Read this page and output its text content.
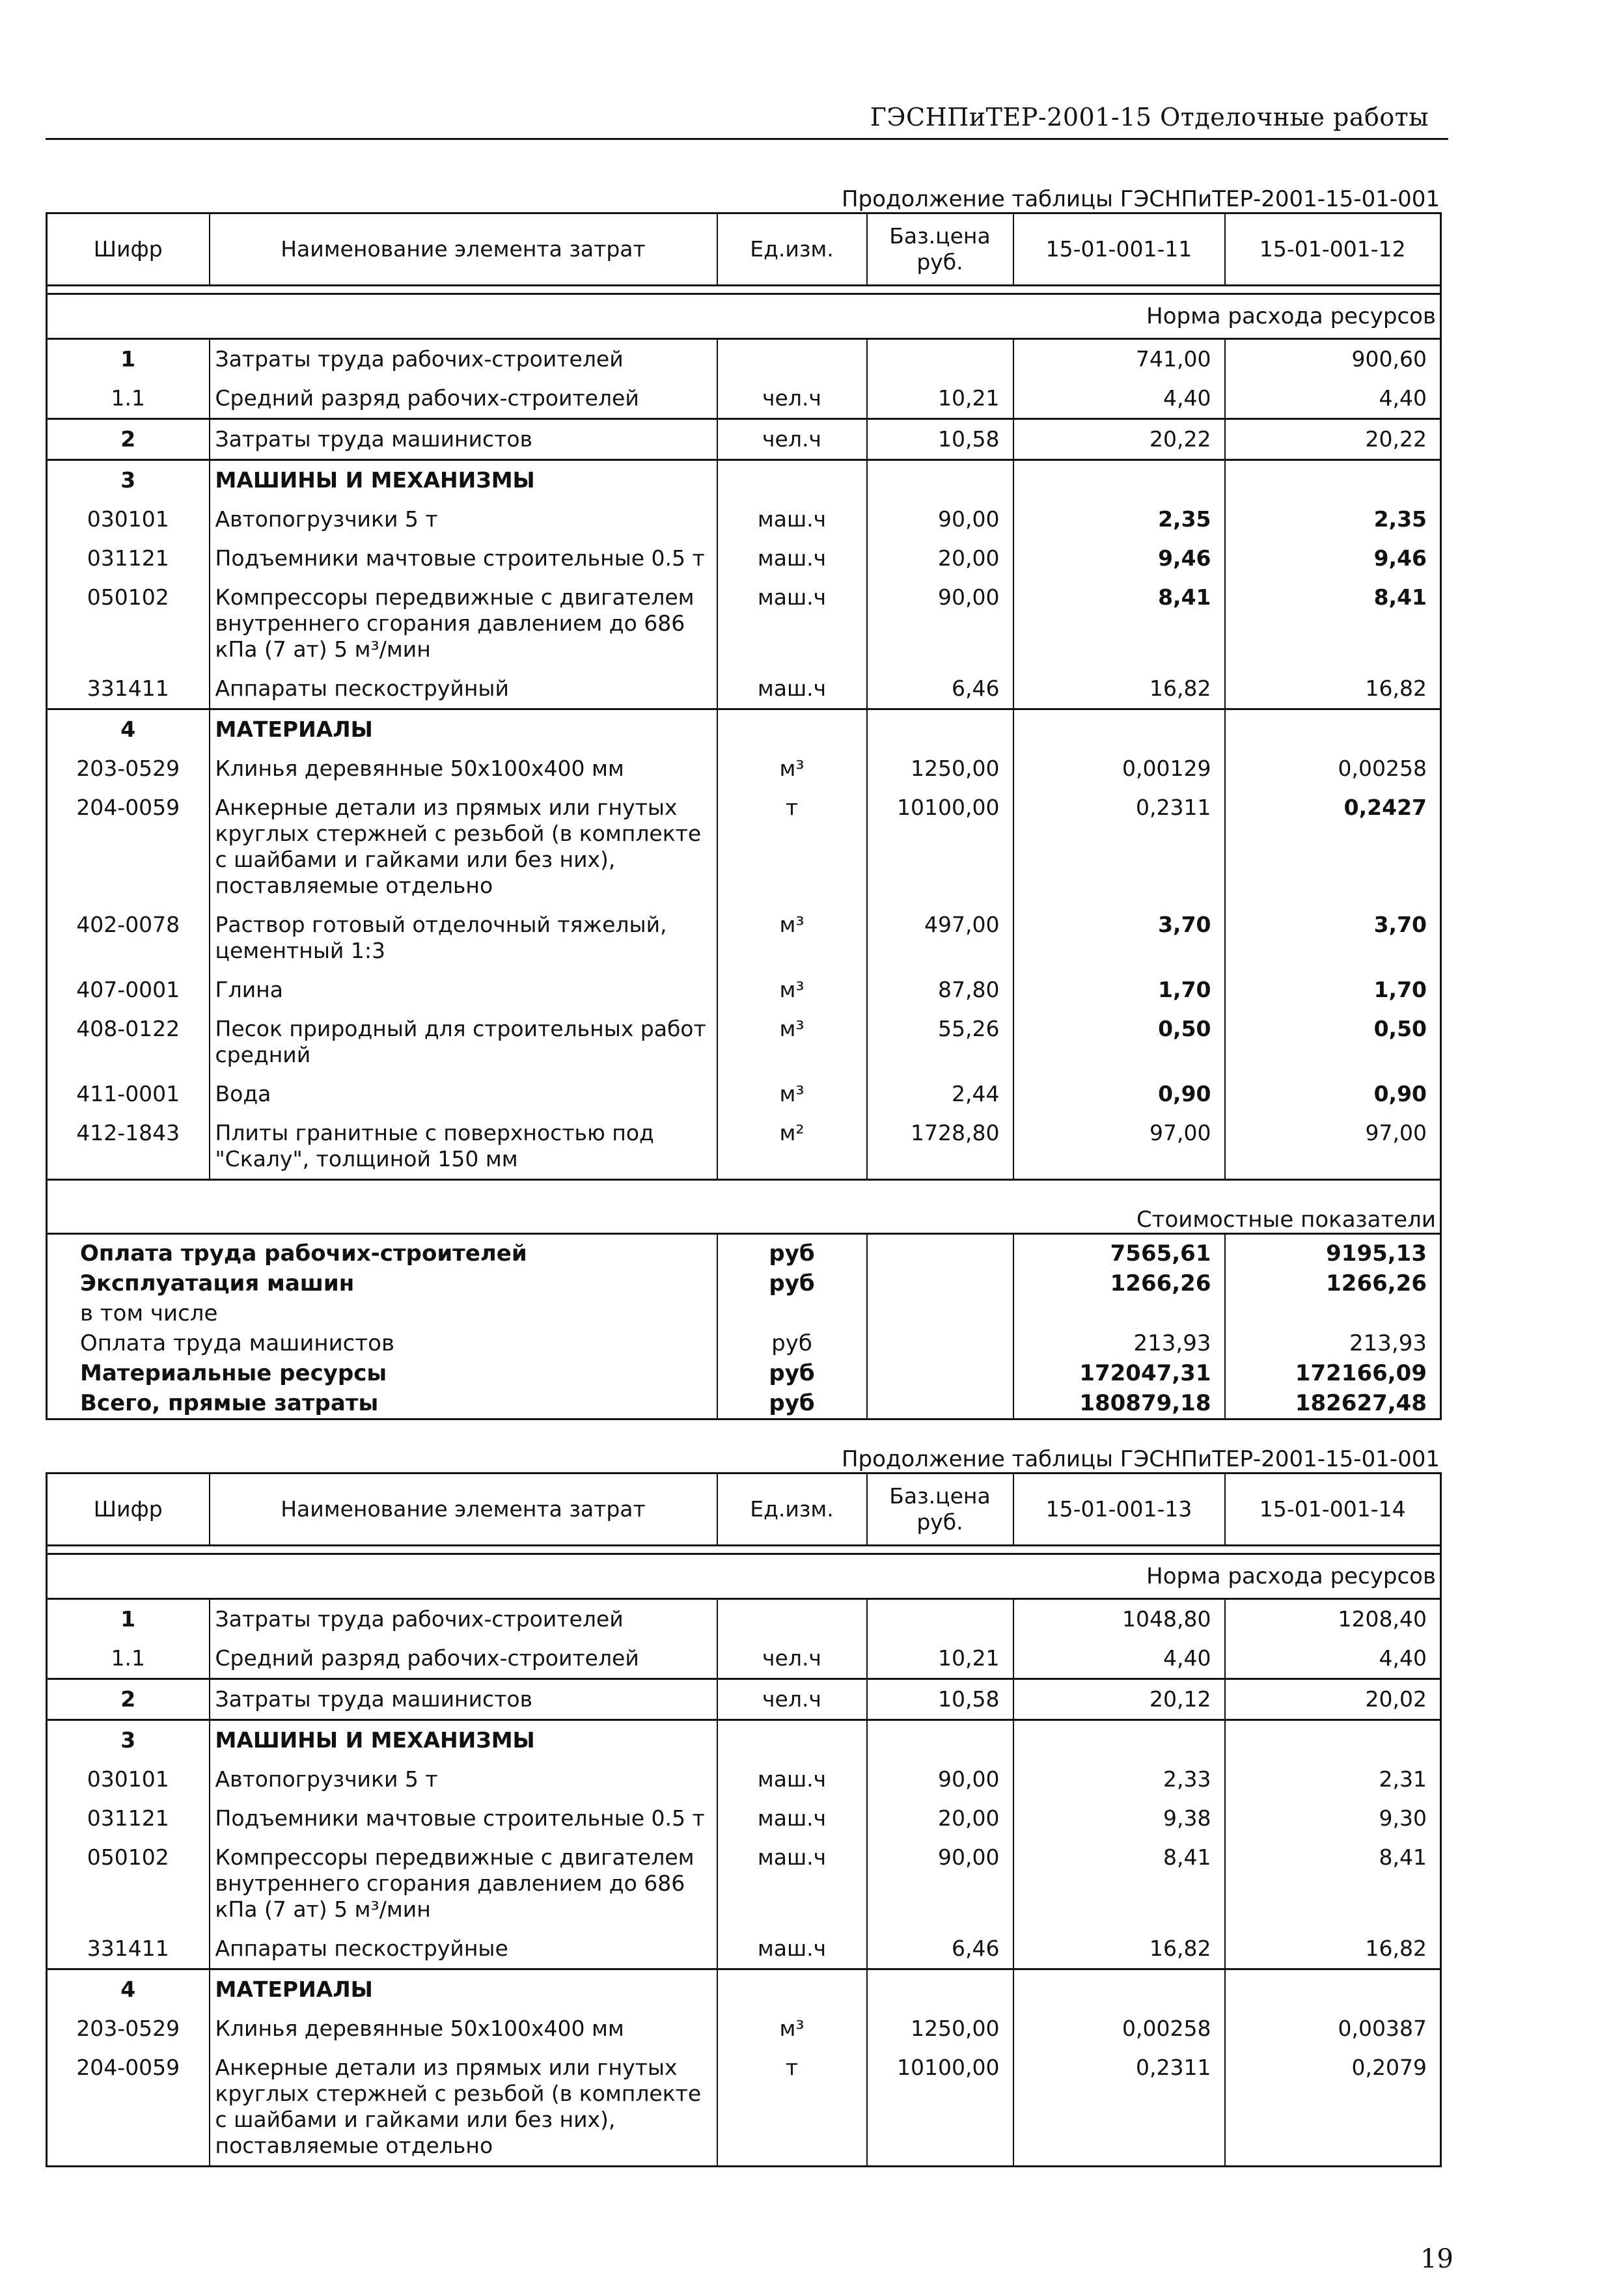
ГЭСНПиТЕР-2001-15 Отделочные работы
Продолжение таблицы ГЭСНПиТЕР-2001-15-01-001
Шифр	Наименование элемента затрат	Ед.изм.	Баз.цена руб.	15-01-001-11	15-01-001-12

Норма расхода ресурсов					
1	Затраты труда рабочих-строителей			741,00	900,60
1.1	Средний разряд рабочих-строителей	чел.ч	10,21	4,40	4,40
2	Затраты труда машинистов	чел.ч	10,58	20,22	20,22
3	МАШИНЫ И МЕХАНИЗМЫ				
030101	Автопогрузчики 5 т	маш.ч	90,00	2,35	2,35
031121	Подъемники мачтовые строительные 0.5 т	маш.ч	20,00	9,46	9,46
050102	Компрессоры передвижные с двигателем внутреннего сгорания давлением до 686 кПа (7 ат) 5 м³/мин	маш.ч	90,00	8,41	8,41
331411	Аппараты пескоструйный	маш.ч	6,46	16,82	16,82
4	МАТЕРИАЛЫ				
203-0529	Клинья деревянные 50х100х400 мм	м³	1250,00	0,00129	0,00258
204-0059	Анкерные детали из прямых или гнутых круглых стержней с резьбой (в комплекте с шайбами и гайками или без них), поставляемые отдельно	т	10100,00	0,2311	0,2427
402-0078	Раствор готовый отделочный тяжелый, цементный 1:3	м³	497,00	3,70	3,70
407-0001	Глина	м³	87,80	1,70	1,70
408-0122	Песок природный для строительных работ средний	м³	55,26	0,50	0,50
411-0001	Вода	м³	2,44	0,90	0,90
412-1843	Плиты гранитные с поверхностью под "Скалу", толщиной 150 мм	м²	1728,80	97,00	97,00

Стоимостные показатели					
Оплата труда рабочих-строителей		руб		7565,61	9195,13
Эксплуатация машин		руб		1266,26	1266,26
в том числе					
Оплата труда машинистов		руб		213,93	213,93
Материальные ресурсы		руб		172047,31	172166,09
Всего, прямые затраты		руб		180879,18	182627,48
Продолжение таблицы ГЭСНПиТЕР-2001-15-01-001
Шифр	Наименование элемента затрат	Ед.изм.	Баз.цена руб.	15-01-001-13	15-01-001-14

Норма расхода ресурсов					
1	Затраты труда рабочих-строителей			1048,80	1208,40
1.1	Средний разряд рабочих-строителей	чел.ч	10,21	4,40	4,40
2	Затраты труда машинистов	чел.ч	10,58	20,12	20,02
3	МАШИНЫ И МЕХАНИЗМЫ				
030101	Автопогрузчики 5 т	маш.ч	90,00	2,33	2,31
031121	Подъемники мачтовые строительные 0.5 т	маш.ч	20,00	9,38	9,30
050102	Компрессоры передвижные с двигателем внутреннего сгорания давлением до 686 кПа (7 ат) 5 м³/мин	маш.ч	90,00	8,41	8,41
331411	Аппараты пескоструйные	маш.ч	6,46	16,82	16,82
4	МАТЕРИАЛЫ				
203-0529	Клинья деревянные 50х100х400 мм	м³	1250,00	0,00258	0,00387
204-0059	Анкерные детали из прямых или гнутых круглых стержней с резьбой (в комплекте с шайбами и гайками или без них), поставляемые отдельно	т	10100,00	0,2311	0,2079
19
